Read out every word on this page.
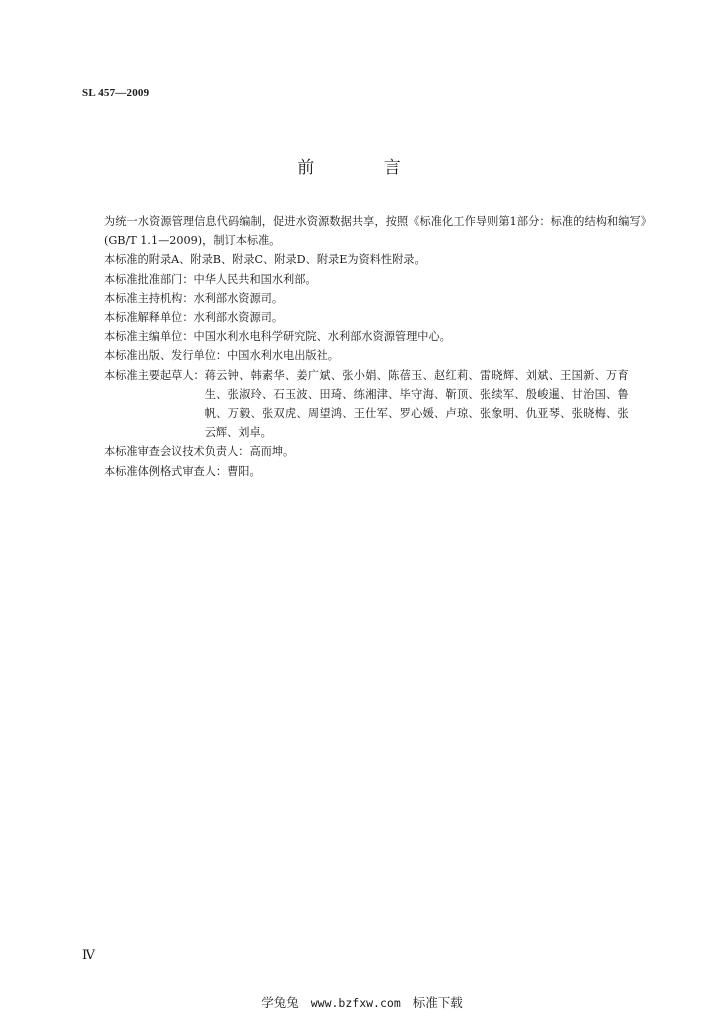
SL 457—2009
前 言

为统一水资源管理信息代码编制，促进水资源数据共享，按照《标准化工作导则第1部分：标准的结构和编写》(GB/T 1.1—2009)，制订本标准。

本标准的附录A、附录B、附录C、附录D、附录E为资料性附录。

本标准批准部门：中华人民共和国水利部。

本标准主持机构：水利部水资源司。

本标准解释单位：水利部水资源司。

本标准主编单位：中国水利水电科学研究院、水利部水资源管理中心。

本标准出版、发行单位：中国水利水电出版社。

本标准主要起草人： 蒋云钟、韩素华、姜广斌、张小娟、陈蓓玉、赵红莉、雷晓辉、刘斌、王国新、万育生、张淑玲、石玉波、田琦、练湘津、毕守海、靳顶、张续军、殷峻暹、甘治国、鲁帆、万毅、张双虎、周望鸿、王仕军、罗心媛、卢琼、张象明、仇亚琴、张晓梅、张云辉、刘卓。

本标准审查会议技术负责人：高而坤。

本标准体例格式审查人：曹阳。

Ⅳ
学兔兔 www.bzfxw.com 标准下载
